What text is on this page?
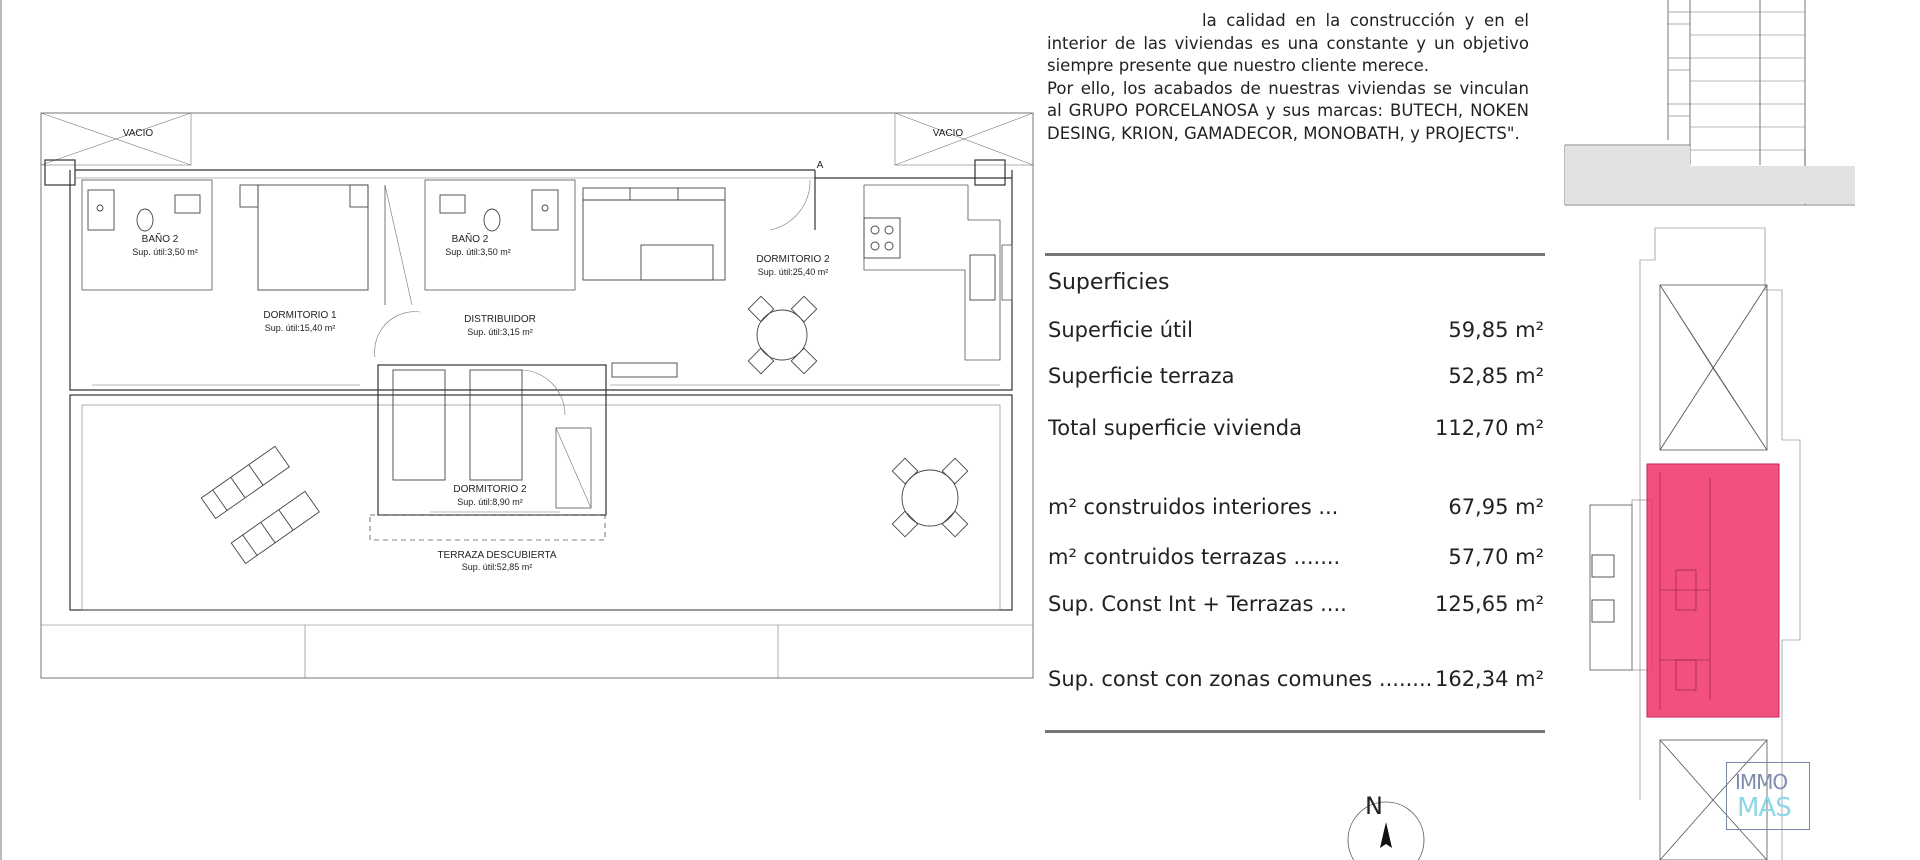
VACIO	VACIO
A
BAÑO 2
Sup. útil:3,50 m²
DORMITORIO 1
Sup. útil:15,40 m²
BAÑO 2
Sup. útil:3,50 m²
DISTRIBUIDOR
Sup. útil:3,15 m²
DORMITORIO 2
Sup. útil:25,40 m²
DORMITORIO 2
Sup. útil:8,90 m²
TERRAZA DESCUBIERTA
Sup. útil:52,85 m²

la calidad en la construcción y en el interior de las viviendas es una constante y un objetivo siempre presente que nuestro cliente merece.

Por ello, los acabados de nuestras viviendas se vinculan al GRUPO PORCELANOSA y sus marcas: BUTECH, NOKEN DESING, KRION, GAMADECOR, MONOBATH, y PROJECTS".

Superficies
Superficie útil	59,85 m²
Superficie terraza	52,85 m²
Total superficie vivienda	112,70 m²
m² construidos interiores ...	67,95 m²
m² contruidos terrazas .......	57,70 m²
Sup. Const Int + Terrazas ....	125,65 m²
Sup. const con zonas comunes ........ 162,34 m²
N
IMMO
MAS
